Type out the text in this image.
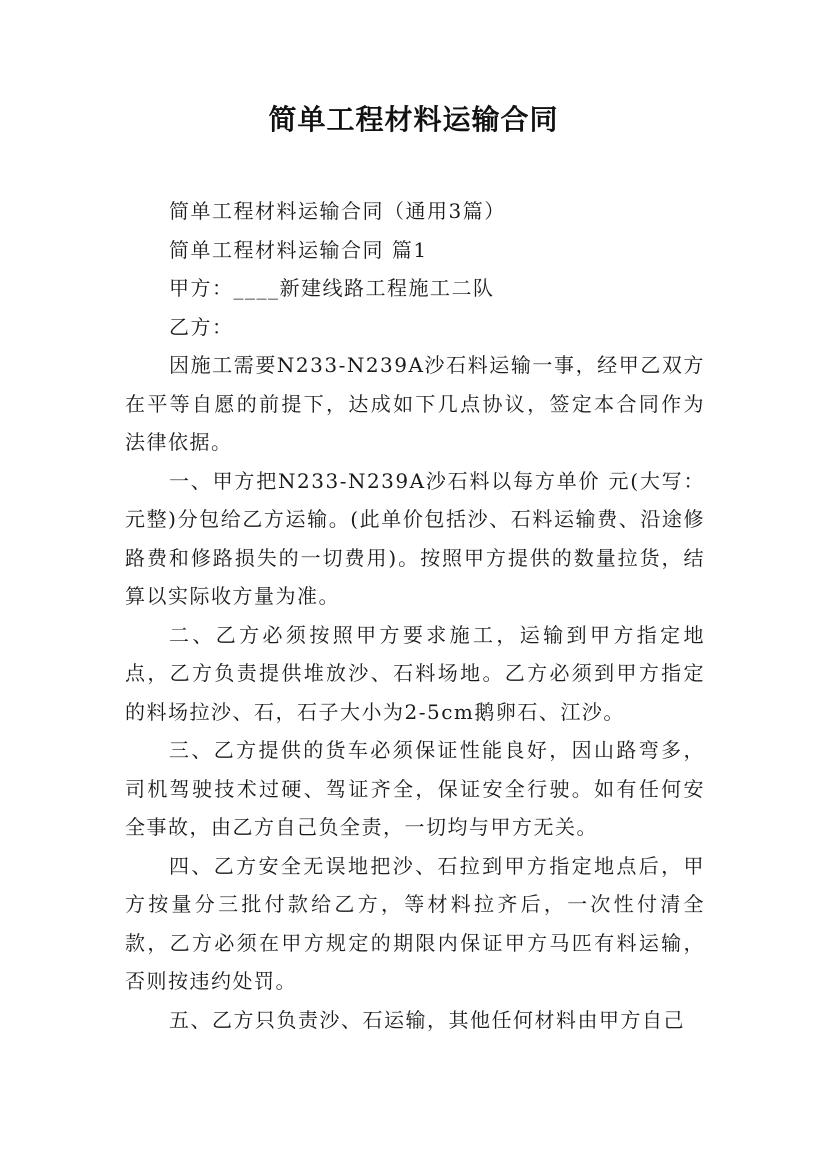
简单工程材料运输合同

简单工程材料运输合同（通用3篇）

简单工程材料运输合同 篇1

甲方：____新建线路工程施工二队

乙方：

因施工需要N233-N239A沙石料运输一事，经甲乙双方在平等自愿的前提下，达成如下几点协议，签定本合同作为法律依据。

一、甲方把N233-N239A沙石料以每方单价 元(大写：元整)分包给乙方运输。(此单价包括沙、石料运输费、沿途修路费和修路损失的一切费用)。按照甲方提供的数量拉货，结算以实际收方量为准。

二、乙方必须按照甲方要求施工，运输到甲方指定地点，乙方负责提供堆放沙、石料场地。乙方必须到甲方指定的料场拉沙、石，石子大小为2-5cm鹅卵石、江沙。

三、乙方提供的货车必须保证性能良好，因山路弯多，司机驾驶技术过硬、驾证齐全，保证安全行驶。如有任何安全事故，由乙方自己负全责，一切均与甲方无关。

四、乙方安全无误地把沙、石拉到甲方指定地点后，甲方按量分三批付款给乙方，等材料拉齐后，一次性付清全款，乙方必须在甲方规定的期限内保证甲方马匹有料运输，否则按违约处罚。

五、乙方只负责沙、石运输，其他任何材料由甲方自己
